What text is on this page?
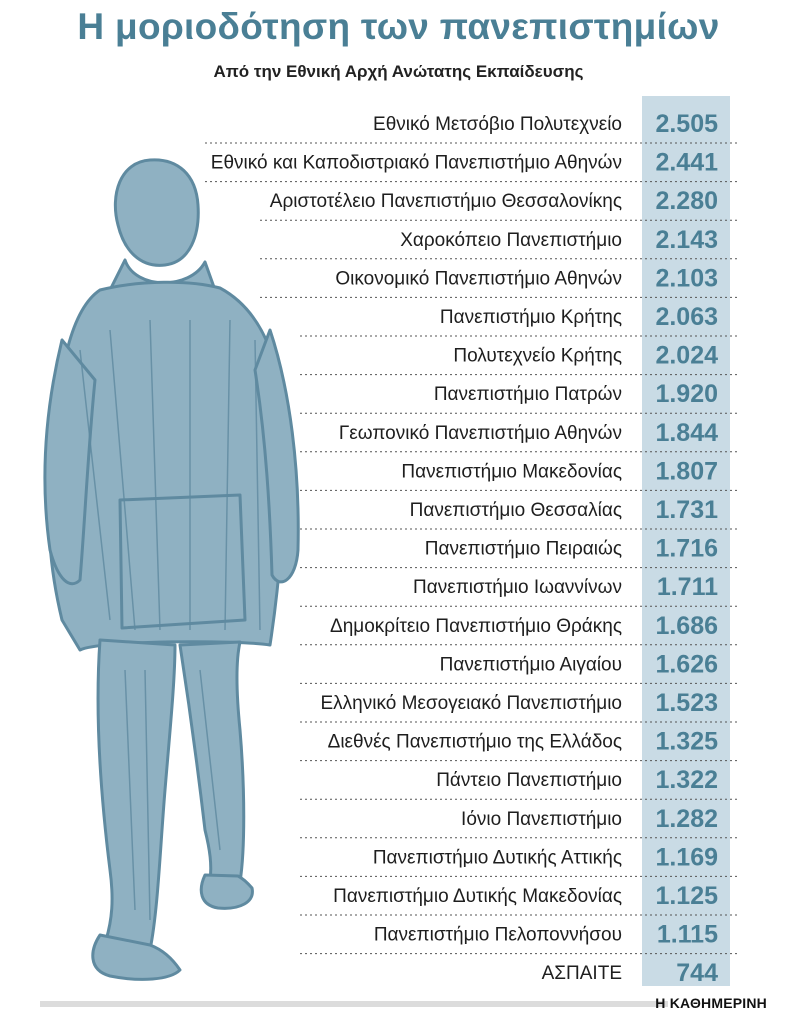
Η μοριοδότηση των πανεπιστημίων
Από την Εθνική Αρχή Ανώτατης Εκπαίδευσης
Εθνικό Μετσόβιο Πολυτεχνείο 2.505
Εθνικό και Καποδιστριακό Πανεπιστήμιο Αθηνών 2.441
Αριστοτέλειο Πανεπιστήμιο Θεσσαλονίκης 2.280
Χαροκόπειο Πανεπιστήμιο 2.143
Οικονομικό Πανεπιστήμιο Αθηνών 2.103
Πανεπιστήμιο Κρήτης 2.063
Πολυτεχνείο Κρήτης 2.024
Πανεπιστήμιο Πατρών 1.920
Γεωπονικό Πανεπιστήμιο Αθηνών 1.844
Πανεπιστήμιο Μακεδονίας 1.807
Πανεπιστήμιο Θεσσαλίας 1.731
Πανεπιστήμιο Πειραιώς 1.716
Πανεπιστήμιο Ιωαννίνων 1.711
Δημοκρίτειο Πανεπιστήμιο Θράκης 1.686
Πανεπιστήμιο Αιγαίου 1.626
Ελληνικό Μεσογειακό Πανεπιστήμιο 1.523
Διεθνές Πανεπιστήμιο της Ελλάδος 1.325
Πάντειο Πανεπιστήμιο 1.322
Ιόνιο Πανεπιστήμιο 1.282
Πανεπιστήμιο Δυτικής Αττικής 1.169
Πανεπιστήμιο Δυτικής Μακεδονίας 1.125
Πανεπιστήμιο Πελοποννήσου 1.115
ΑΣΠΑΙΤΕ 744
Η ΚΑΘΗΜΕΡΙΝΗ
